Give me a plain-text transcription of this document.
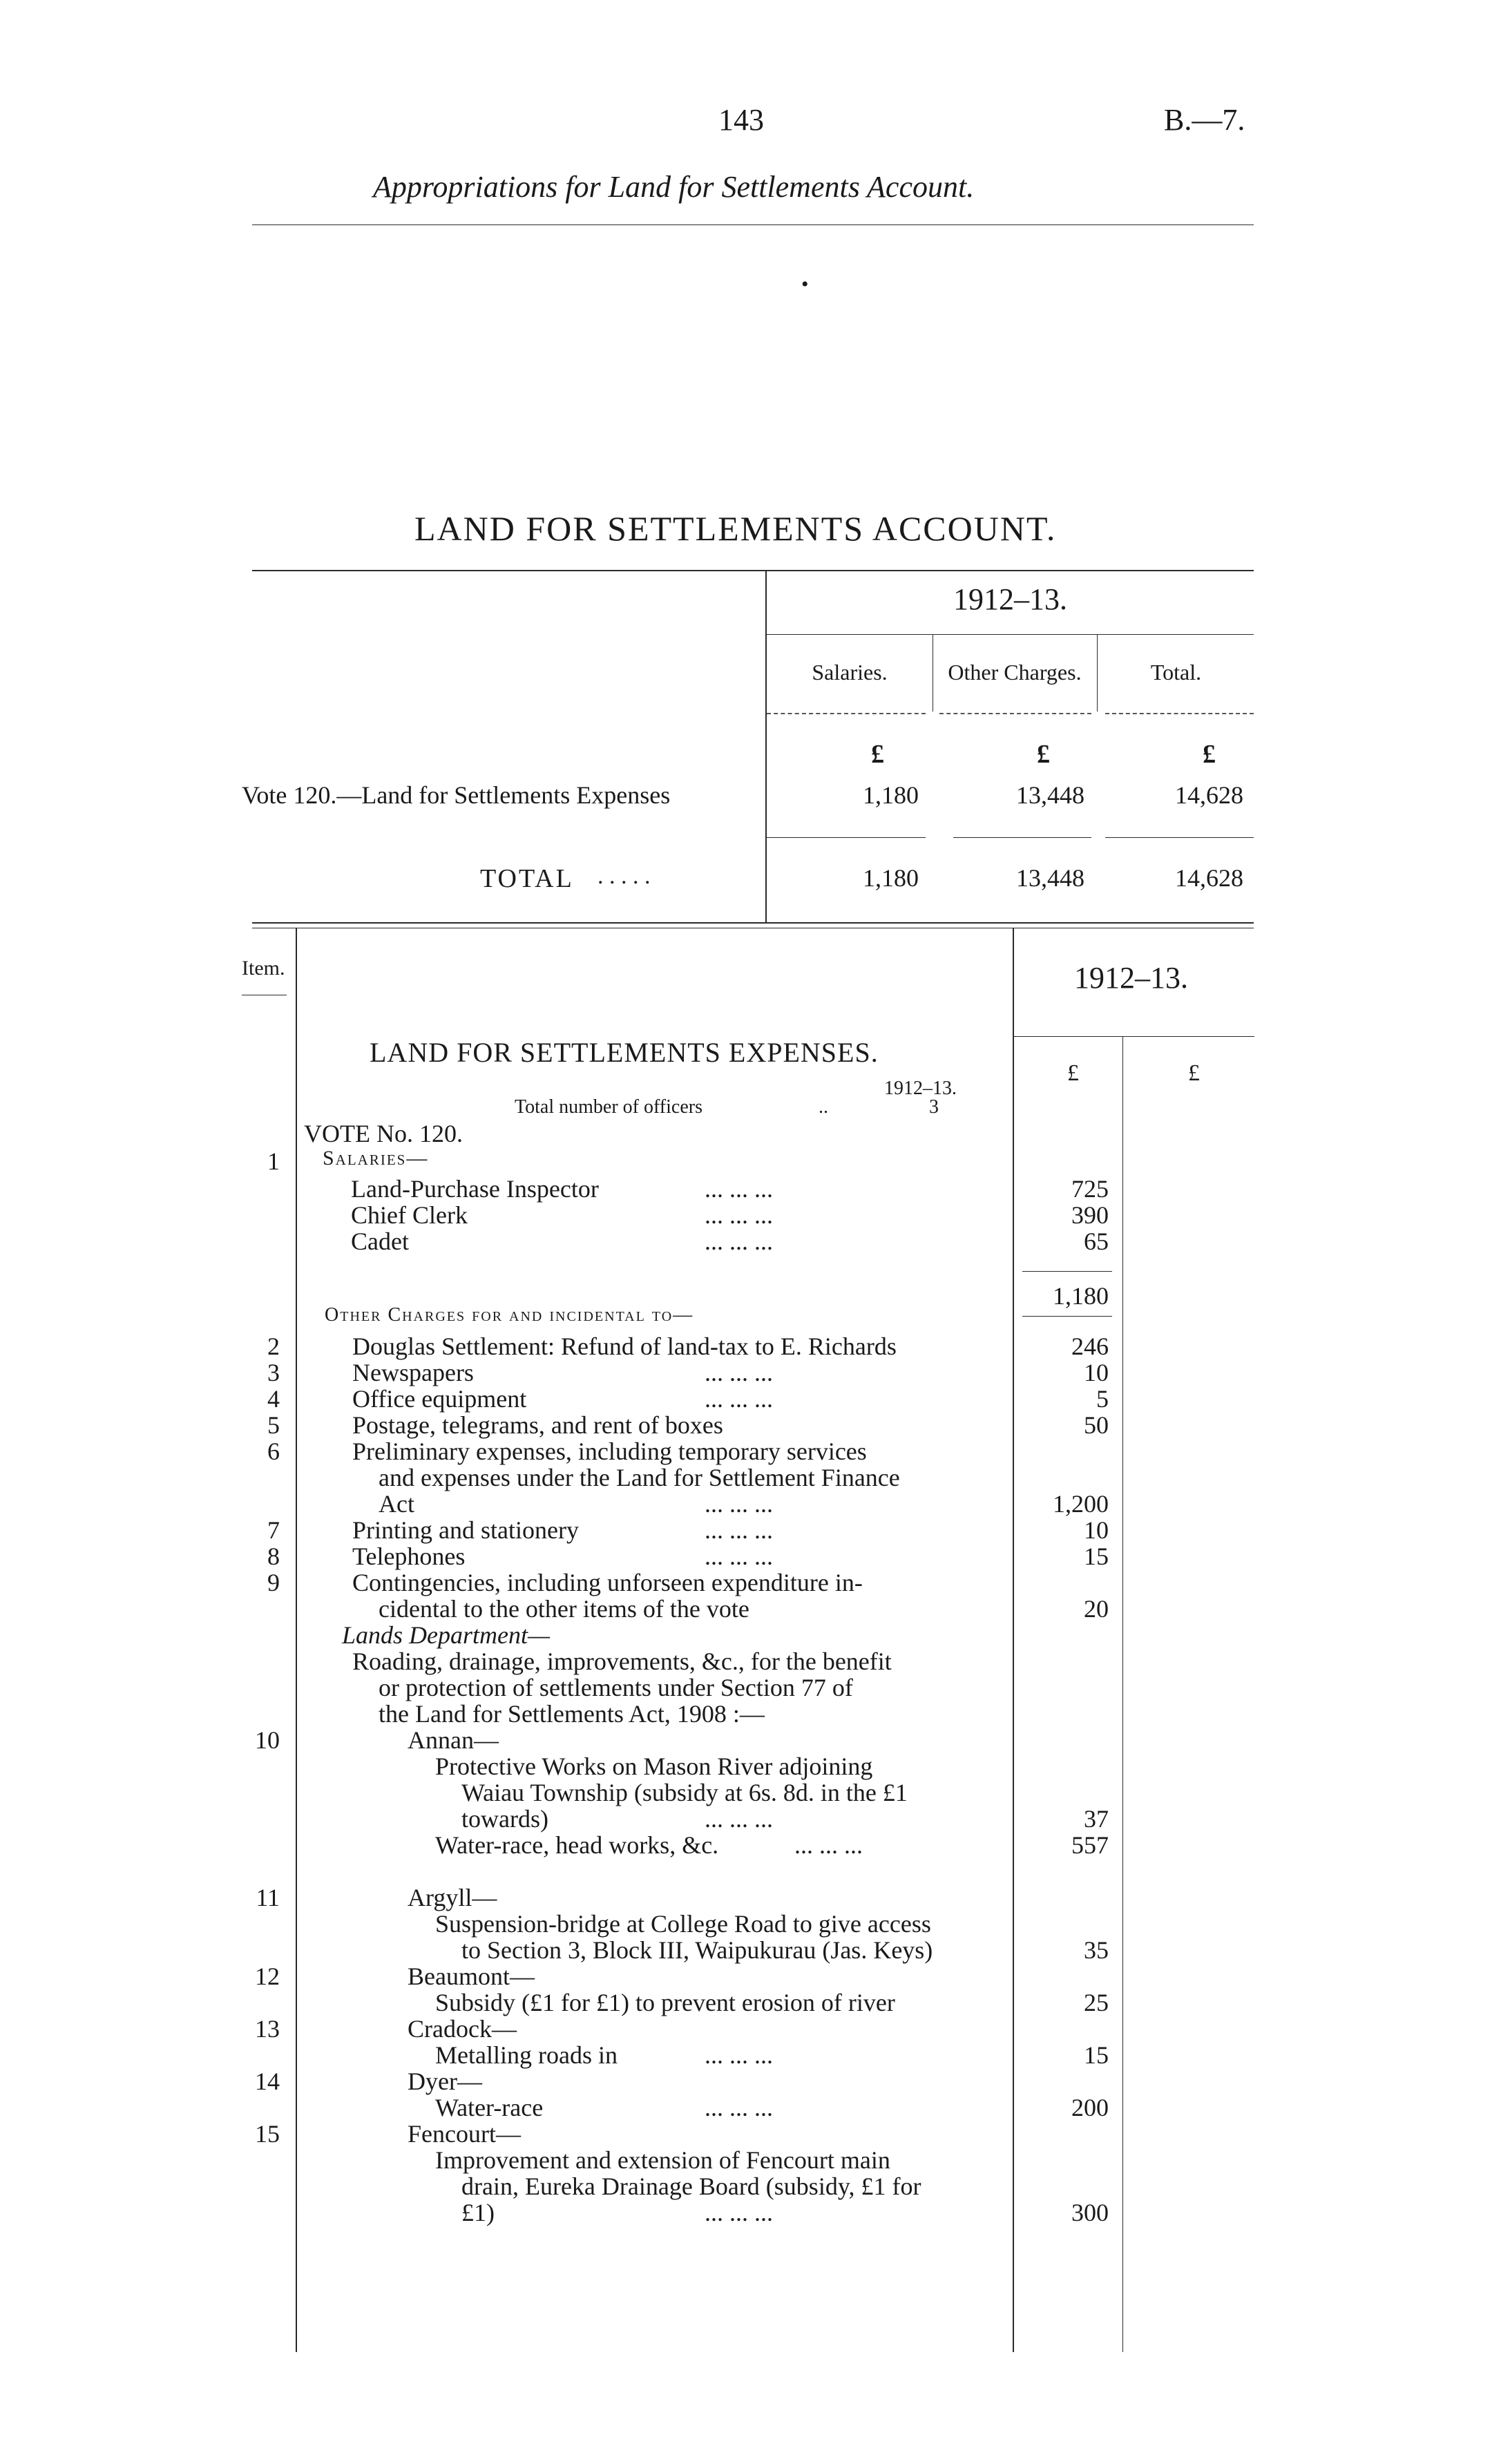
143	B.—7.
Appropriations for Land for Settlements Account.
•
LAND FOR SETTLEMENTS ACCOUNT.
1912–13.
Salaries.	Other Charges.	Total.
£	£	£
Vote 120.—Land for Settlements Expenses	1,180	13,448	14,628
TOTAL . . . . .	1,180	13,448	14,628
Item.	1912–13.
LAND FOR SETTLEMENTS EXPENSES.
£	£
1912–13.
Total number of officers	..	3
VOTE No. 120.
1 Salaries—
Land-Purchase Inspector	... ... ...	725
Chief Clerk	... ... ...	390
Cadet	... ... ...	65
1,180
Other Charges for and incidental to—
2	Douglas Settlement: Refund of land-tax to E. Richards	246
3	Newspapers	... ... ...	10
4	Office equipment	... ... ...	5
5	Postage, telegrams, and rent of boxes	50
6	Preliminary expenses, including temporary services
and expenses under the Land for Settlement Finance
Act	... ... ...	1,200
7	Printing and stationery	... ... ...	10
8	Telephones	... ... ...	15
9	Contingencies, including unforseen expenditure in-
cidental to the other items of the vote	20
Lands Department—
Roading, drainage, improvements, &c., for the benefit
or protection of settlements under Section 77 of
the Land for Settlements Act, 1908 :—
10	Annan—
Protective Works on Mason River adjoining
Waiau Township (subsidy at 6s. 8d. in the £1
towards)	... ... ...	37
Water-race, head works, &c.	... ... ...	557
11	Argyll—
Suspension-bridge at College Road to give access
to Section 3, Block III, Waipukurau (Jas. Keys)	35
12	Beaumont—
Subsidy (£1 for £1) to prevent erosion of river	25
13	Cradock—
Metalling roads in	... ... ...	15
14	Dyer—
Water-race	... ... ...	200
15	Fencourt—
Improvement and extension of Fencourt main
drain, Eureka Drainage Board (subsidy, £1 for
£1)	... ... ...	300
